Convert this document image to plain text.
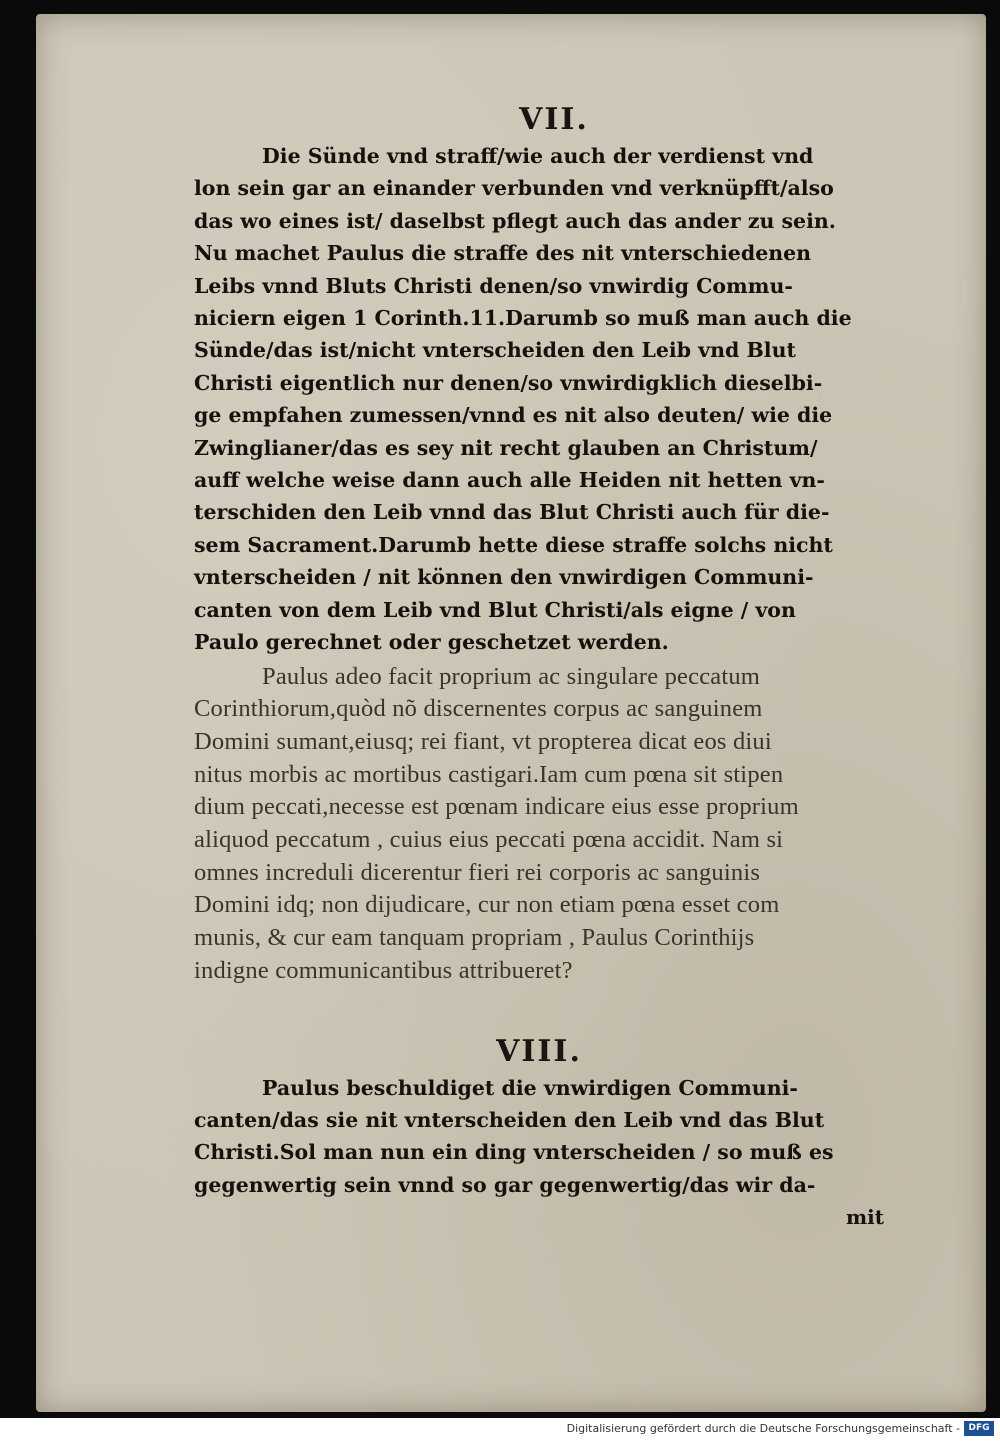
VII.

Die Sünde vnd straff/wie auch der verdienst vnd

lon sein gar an einander verbunden vnd verknüpfft/also

das wo eines ist/ daselbst pflegt auch das ander zu sein.

Nu machet Paulus die straffe des nit vnterschiedenen

Leibs vnnd Bluts Christi denen/so vnwirdig Commu-

niciern eigen 1 Corinth.11.Darumb so muß man auch die

Sünde/das ist/nicht vnterscheiden den Leib vnd Blut

Christi eigentlich nur denen/so vnwirdigklich dieselbi-

ge empfahen zumessen/vnnd es nit also deuten/ wie die

Zwinglianer/das es sey nit recht glauben an Christum/

auff welche weise dann auch alle Heiden nit hetten vn-

terschiden den Leib vnnd das Blut Christi auch für die-

sem Sacrament.Darumb hette diese straffe solchs nicht

vnterscheiden / nit können den vnwirdigen Communi-

canten von dem Leib vnd Blut Christi/als eigne / von

Paulo gerechnet oder geschetzet werden.

Paulus adeo facit proprium ac singulare peccatum

Corinthiorum,quòd nõ discernentes corpus ac sanguinem

Domini sumant,eiusq; rei fiant, vt propterea dicat eos diui

nitus morbis ac mortibus castigari.Iam cum pœna sit stipen

dium peccati,necesse est pœnam indicare eius esse proprium

aliquod peccatum , cuius eius peccati pœna accidit. Nam si

omnes increduli dicerentur fieri rei corporis ac sanguinis

Domini idq; non dijudicare, cur non etiam pœna esset com

munis, & cur eam tanquam propriam , Paulus Corinthijs

indigne communicantibus attribueret?

VIII.

Paulus beschuldiget die vnwirdigen Communi-

canten/das sie nit vnterscheiden den Leib vnd das Blut

Christi.Sol man nun ein ding vnterscheiden / so muß es

gegenwertig sein vnnd so gar gegenwertig/das wir da-

mit
Digitalisierung gefördert durch die Deutsche Forschungsgemeinschaft - DFG
